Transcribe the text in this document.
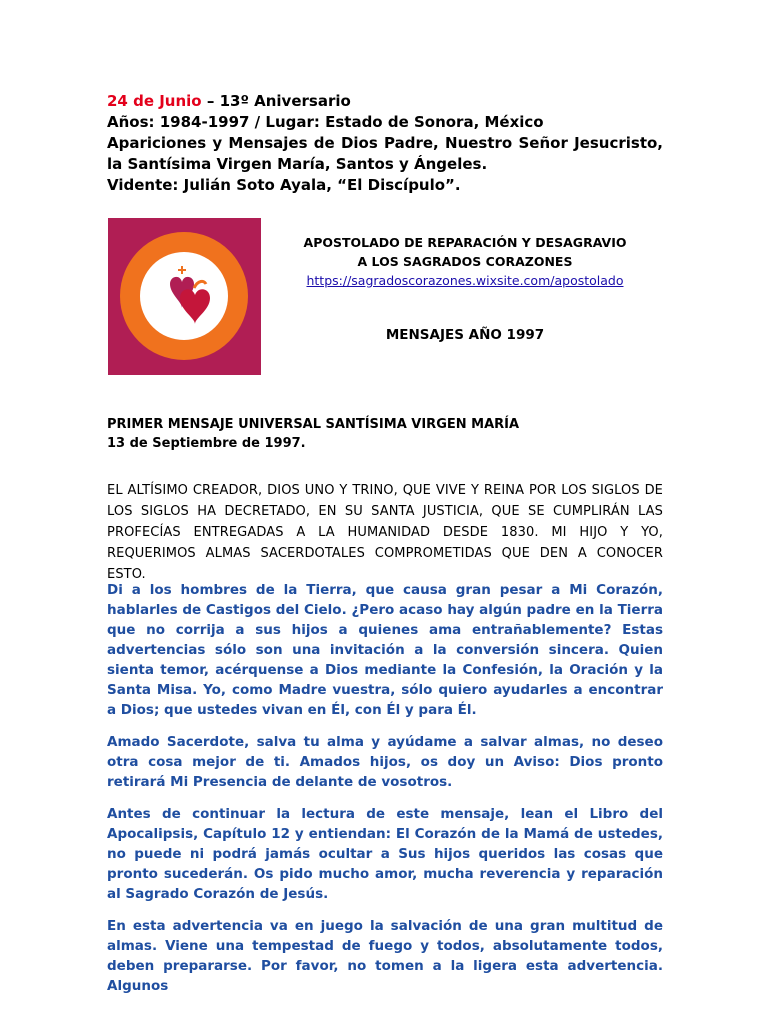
24 de Junio – 13º Aniversario

Años: 1984-1997 / Lugar: Estado de Sonora, México

Apariciones y Mensajes de Dios Padre, Nuestro Señor Jesucristo, la Santísima Virgen María, Santos y Ángeles.

Vidente: Julián Soto Ayala, “El Discípulo”.

APOSTOLADO DE REPARACIÓN Y DESAGRAVIO
A LOS SAGRADOS CORAZONES
https://sagradoscorazones.wixsite.com/apostolado
MENSAJES AÑO 1997
PRIMER MENSAJE UNIVERSAL SANTÍSIMA VIRGEN MARÍA
13 de Septiembre de 1997.
EL ALTÍSIMO CREADOR, DIOS UNO Y TRINO, QUE VIVE Y REINA POR LOS SIGLOS DE LOS SIGLOS HA DECRETADO, EN SU SANTA JUSTICIA, QUE SE CUMPLIRÁN LAS PROFECÍAS ENTREGADAS A LA HUMANIDAD DESDE 1830. MI HIJO Y YO, REQUERIMOS ALMAS SACERDOTALES COMPROMETIDAS QUE DEN A CONOCER ESTO.

Di a los hombres de la Tierra, que causa gran pesar a Mi Corazón, hablarles de Castigos del Cielo. ¿Pero acaso hay algún padre en la Tierra que no corrija a sus hijos a quienes ama entrañablemente? Estas advertencias sólo son una invitación a la conversión sincera. Quien sienta temor, acérquense a Dios mediante la Confesión, la Oración y la Santa Misa. Yo, como Madre vuestra, sólo quiero ayudarles a encontrar a Dios; que ustedes vivan en Él, con Él y para Él.

Amado Sacerdote, salva tu alma y ayúdame a salvar almas, no deseo otra cosa mejor de ti. Amados hijos, os doy un Aviso: Dios pronto retirará Mi Presencia de delante de vosotros.

Antes de continuar la lectura de este mensaje, lean el Libro del Apocalipsis, Capítulo 12 y entiendan: El Corazón de la Mamá de ustedes, no puede ni podrá jamás ocultar a Sus hijos queridos las cosas que pronto sucederán. Os pido mucho amor, mucha reverencia y reparación al Sagrado Corazón de Jesús.

En esta advertencia va en juego la salvación de una gran multitud de almas. Viene una tempestad de fuego y todos, absolutamente todos, deben prepararse. Por favor, no tomen a la ligera esta advertencia. Algunos
